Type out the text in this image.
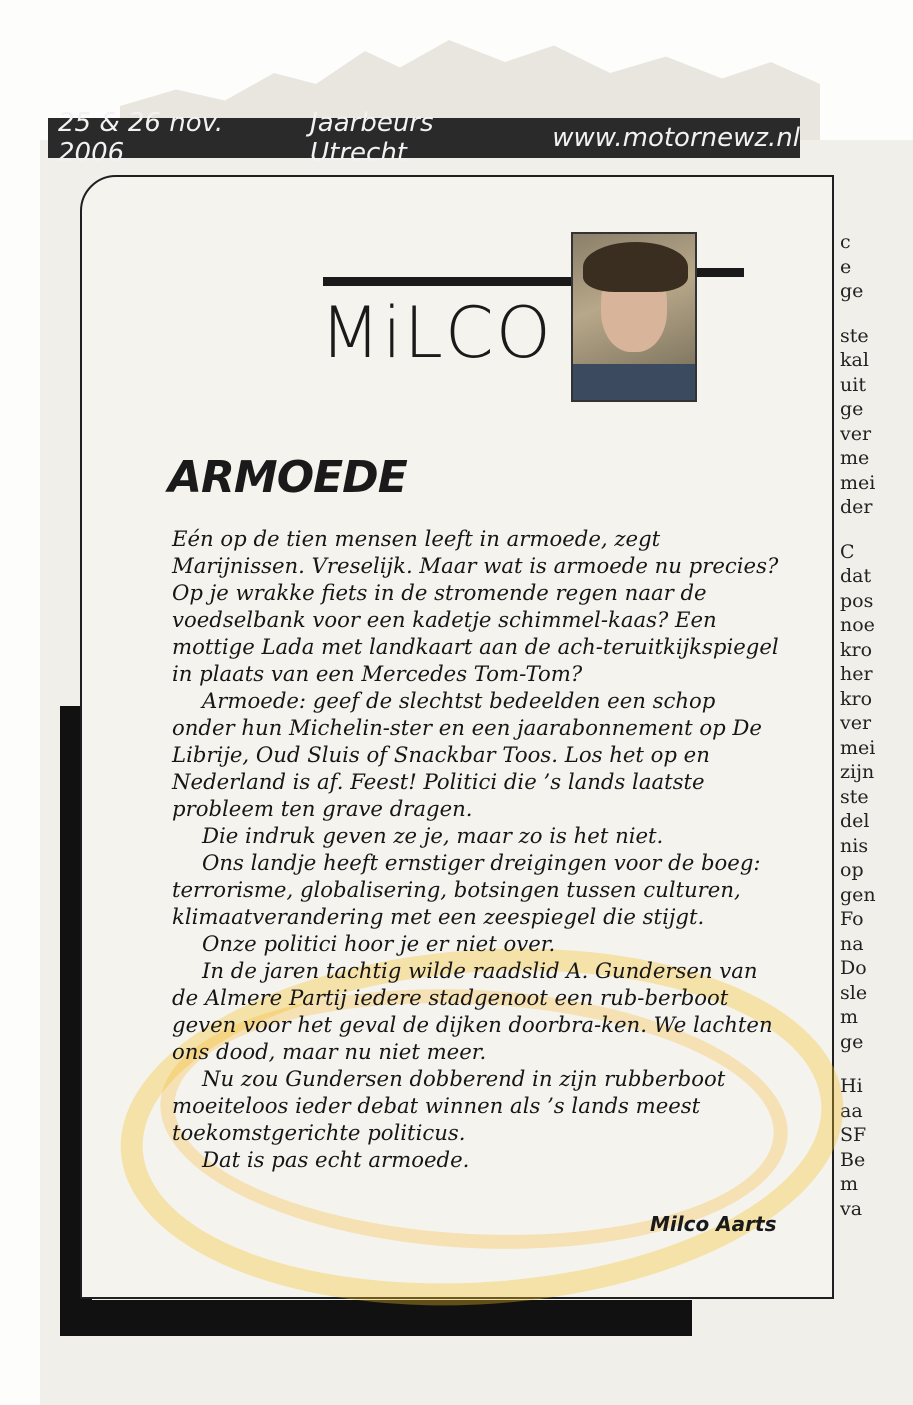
25 & 26 nov. 2006
Jaarbeurs Utrecht	www.motornewz.nl
c
e
ge
ste
kal
uit
ge
ver
me
mei
der
C
dat
pos
noe
kro
her
kro
ver
mei
zijn
ste
del
nis
op
gen
Fo
na
Do
sle
m
ge
Hi
aa
SF
Be
m
va
MiLCO
ARMOEDE

Eén op de tien mensen leeft in armoede, zegt Marijnissen. Vreselijk. Maar wat is armoede nu precies? Op je wrakke fiets in de stromende regen naar de voedselbank voor een kadetje schimmel-kaas? Een mottige Lada met landkaart aan de ach-teruitkijkspiegel in plaats van een Mercedes Tom-Tom?

Armoede: geef de slechtst bedeelden een schop onder hun Michelin-ster en een jaarabonnement op De Librije, Oud Sluis of Snackbar Toos. Los het op en Nederland is af. Feest! Politici die ’s lands laatste probleem ten grave dragen.

Die indruk geven ze je, maar zo is het niet.

Ons landje heeft ernstiger dreigingen voor de boeg: terrorisme, globalisering, botsingen tussen culturen, klimaatverandering met een zeespiegel die stijgt.

Onze politici hoor je er niet over.

In de jaren tachtig wilde raadslid A. Gundersen van de Almere Partij iedere stadgenoot een rub-berboot geven voor het geval de dijken doorbra-ken. We lachten ons dood, maar nu niet meer.

Nu zou Gundersen dobberend in zijn rubberboot moeiteloos ieder debat winnen als ’s lands meest toekomstgerichte politicus.

Dat is pas echt armoede.

Milco Aarts
